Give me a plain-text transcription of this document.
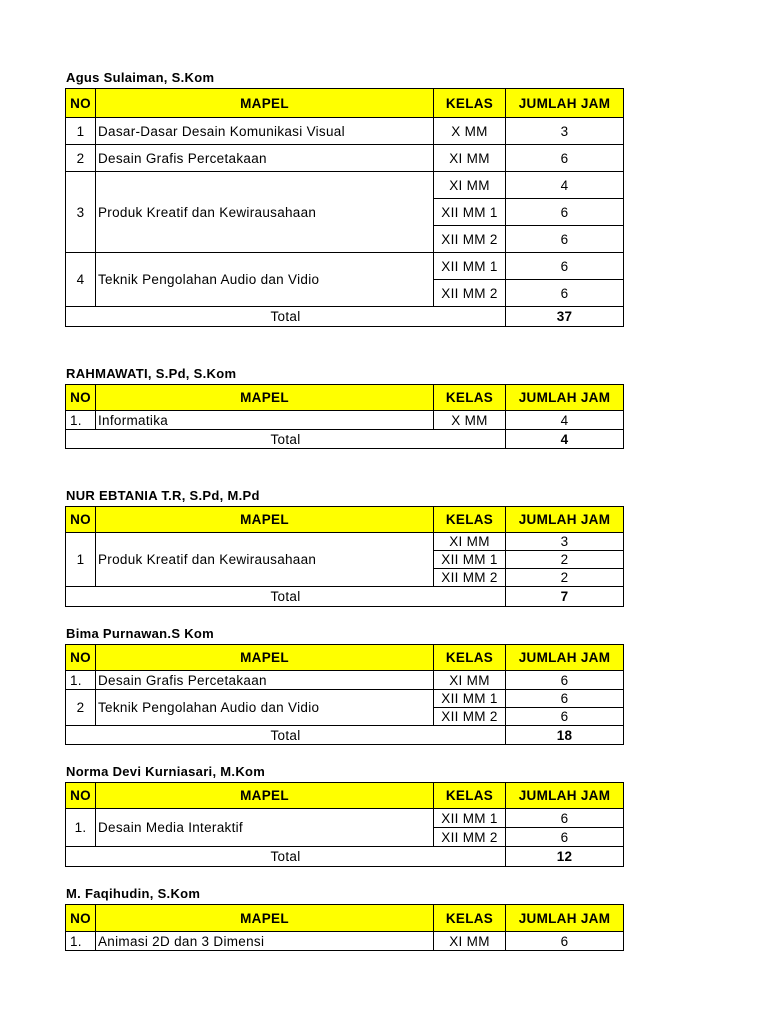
Agus Sulaiman, S.Kom
NO	MAPEL	KELAS	JUMLAH JAM
1	Dasar-Dasar Desain Komunikasi Visual	X MM	3
2	Desain Grafis Percetakaan	XI MM	6
3	Produk Kreatif dan Kewirausahaan	XI MM	4
		XII MM 1	6
		XII MM 2	6
4	Teknik Pengolahan Audio dan Vidio	XII MM 1	6
		XII MM 2	6
Total			37
RAHMAWATI, S.Pd, S.Kom
NO	MAPEL	KELAS	JUMLAH JAM
1.	Informatika	X MM	4
Total			4
NUR EBTANIA T.R, S.Pd, M.Pd
NO	MAPEL	KELAS	JUMLAH JAM
1	Produk Kreatif dan Kewirausahaan	XI MM	3
		XII MM 1	2
		XII MM 2	2
Total			7
Bima Purnawan.S Kom
NO	MAPEL	KELAS	JUMLAH JAM
1.	Desain Grafis Percetakaan	XI MM	6
2	Teknik Pengolahan Audio dan Vidio	XII MM 1	6
		XII MM 2	6
Total			18
Norma Devi Kurniasari, M.Kom
NO	MAPEL	KELAS	JUMLAH JAM
1.	Desain Media Interaktif	XII MM 1	6
		XII MM 2	6
Total			12
M. Faqihudin, S.Kom
NO	MAPEL	KELAS	JUMLAH JAM
1.	Animasi 2D dan 3 Dimensi	XI MM	6
